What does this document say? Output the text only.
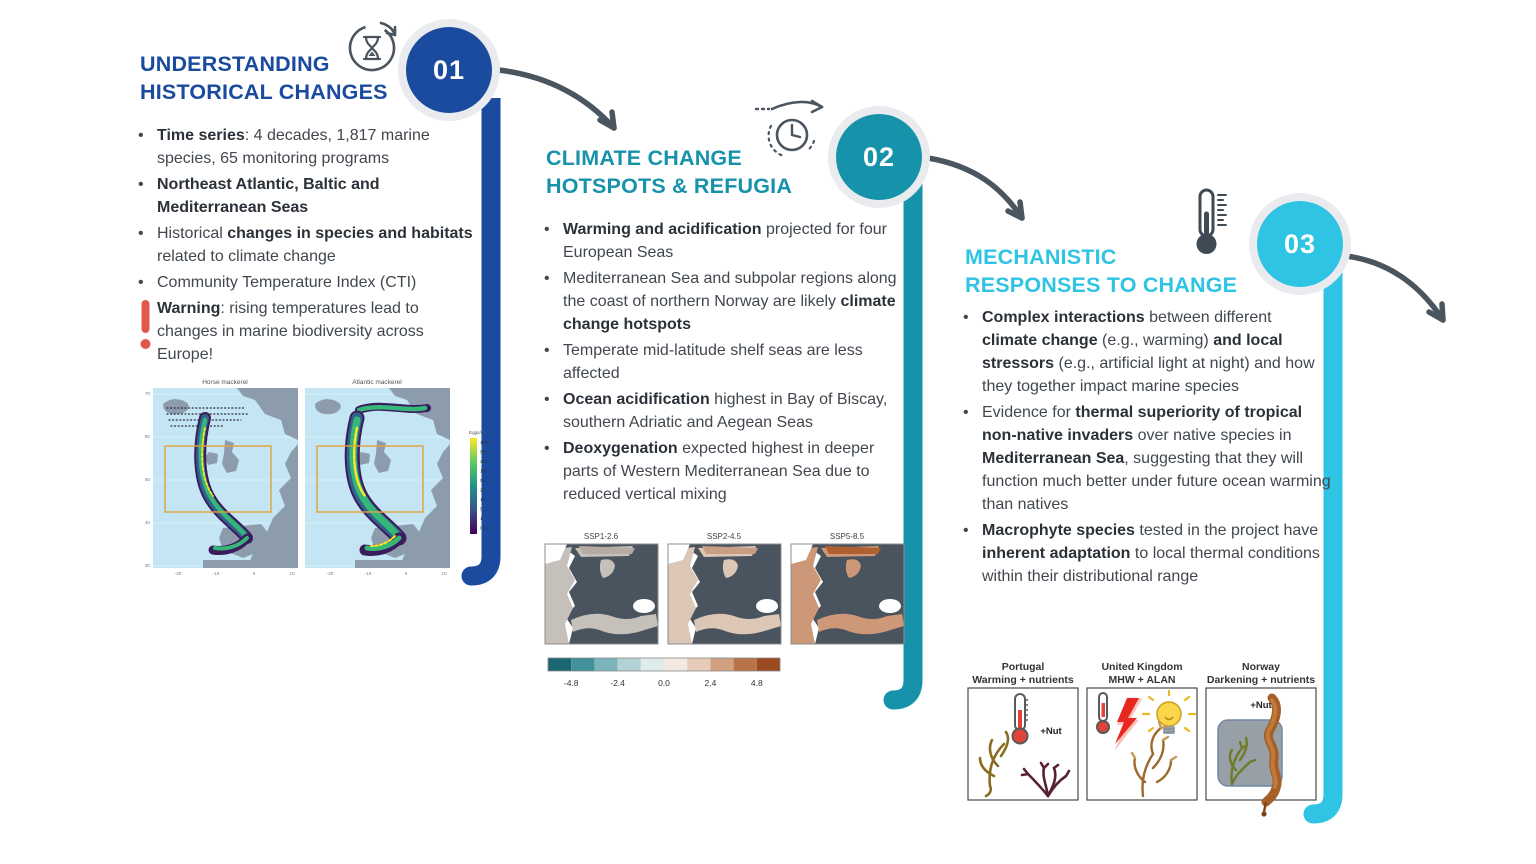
01
UNDERSTANDING
HISTORICAL CHANGES
• Time series: 4 decades, 1,817 marine species, 65 monitoring programs
• Northeast Atlantic, Baltic and Mediterranean Seas
• Historical changes in species and habitats related to climate change
• Community Temperature Index (CTI)
Warning: rising temperatures lead to changes in marine biodiversity across Europe!
Horse mackerel	Atlantic mackerel
70
60
50
40
30
-20	-10	0	10	-20	-10	0	10
Eggs/m²
1000
500
200
100
50
20
10
5
1
0.01
02
CLIMATE CHANGE
HOTSPOTS & REFUGIA
• Warming and acidification projected for four European Seas
• Mediterranean Sea and subpolar regions along the coast of northern Norway are likely climate change hotspots
• Temperate mid-latitude shelf seas are less affected
• Ocean acidification highest in Bay of Biscay, southern Adriatic and Aegean Seas
• Deoxygenation expected highest in deeper parts of Western Mediterranean Sea due to reduced vertical mixing
SSP1-2.6	SSP2-4.5	SSP5-8.5
-4.8	-2.4	0.0	2.4	4.8
03
MECHANISTIC
RESPONSES TO CHANGE
• Complex interactions between different climate change (e.g., warming) and local stressors (e.g., artificial light at night) and how they together impact marine species
• Evidence for thermal superiority of tropical non-native invaders over native species in Mediterranean Sea, suggesting that they will function much better under future ocean warming than natives
• Macrophyte species tested in the project have inherent adaptation to local thermal conditions within their distributional range
Portugal
Warming + nutrients
United Kingdom
MHW + ALAN
Norway
Darkening + nutrients
+Nut
+Nut
